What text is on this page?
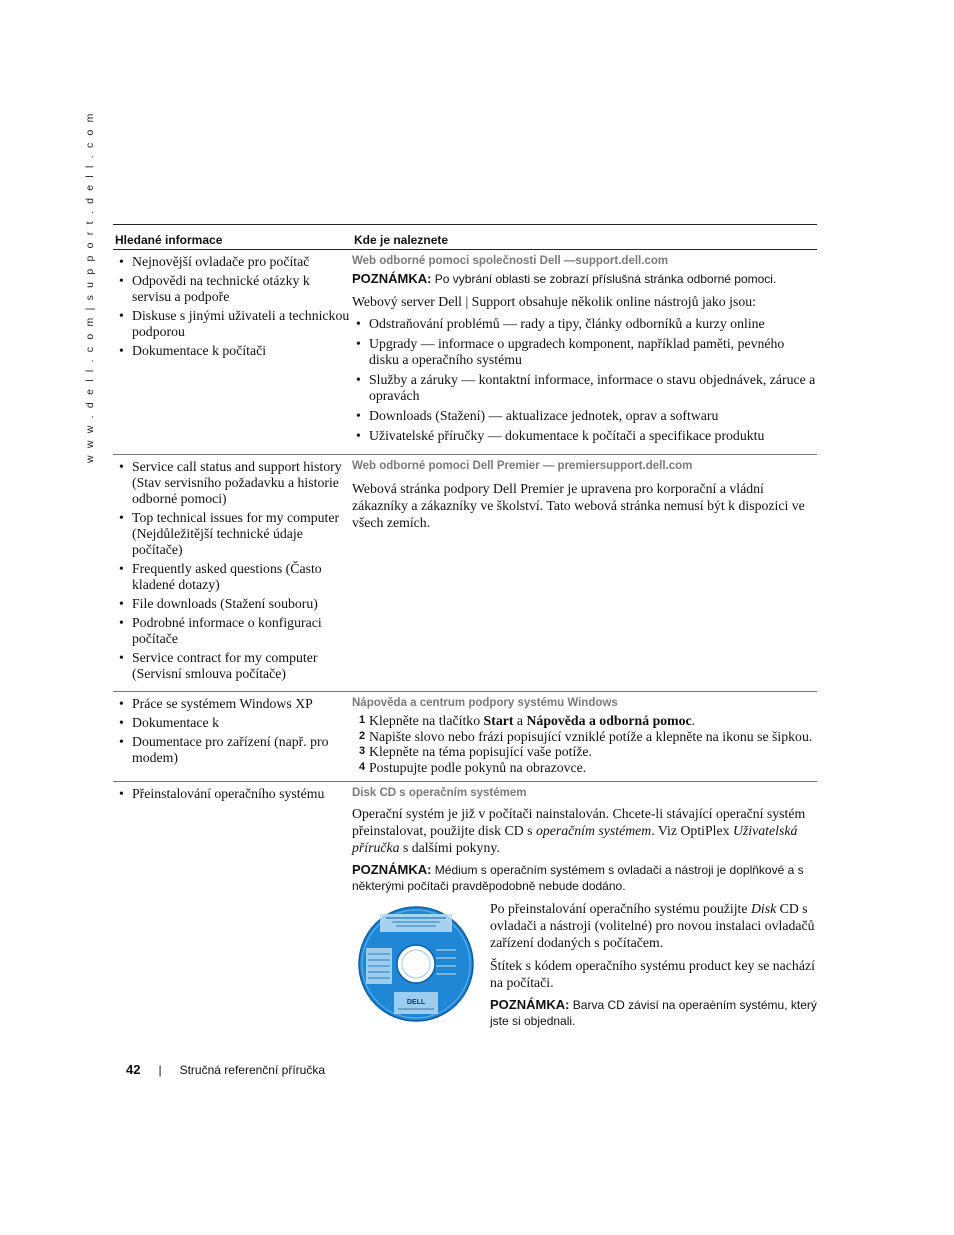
w w w . d e l l . c o m | s u p p o r t . d e l l . c o m Hledané informace	Kde je naleznete
• Nejnovější ovladače pro počítač
• Odpovědi na technické otázky k servisu a podpoře
• Diskuse s jinými uživateli a technickou podporou
• Dokumentace k počítači
Web odborné pomoci společnosti Dell —support.dell.com
POZNÁMKA: Po vybrání oblasti se zobrazí příslušná stránka odborné pomoci.
Webový server Dell | Support obsahuje několik online nástrojů jako jsou:
• Odstraňování problémů — rady a tipy, články odborníků a kurzy online
• Upgrady — informace o upgradech komponent, například paměti, pevného disku a operačního systému
• Služby a záruky — kontaktní informace, informace o stavu objednávek, záruce a opravách
• Downloads (Stažení) — aktualizace jednotek, oprav a softwaru
• Uživatelské příručky — dokumentace k počítači a specifikace produktu
• Service call status and support history (Stav servisního požadavku a historie odborné pomoci)
• Top technical issues for my computer (Nejdůležitější technické údaje počítače)
• Frequently asked questions (Často kladené dotazy)
• File downloads (Stažení souboru)
• Podrobné informace o konfiguraci počítače
• Service contract for my computer (Servisní smlouva počítače)
Web odborné pomoci Dell Premier — premiersupport.dell.com
Webová stránka podpory Dell Premier je upravena pro korporační a vládní zákazníky a zákazníky ve školství. Tato webová stránka nemusí být k dispozici ve všech zemích.
• Práce se systémem Windows XP
• Dokumentace k
• Doumentace pro zařízení (např. pro modem)
Nápověda a centrum podpory systému Windows
1 Klepněte na tlačítko Start a Nápověda a odborná pomoc.
2 Napište slovo nebo frázi popisující vzniklé potíže a klepněte na ikonu se šipkou.
3 Klepněte na téma popisující vaše potíže.
4 Postupujte podle pokynů na obrazovce.
• Přeinstalování operačního systému	Disk CD s operačním systémem
Operační systém je již v počítači nainstalován. Chcete-li stávající operační systém přeinstalovat, použijte disk CD s operačním systémem. Viz OptiPlex Uživatelská příručka s dalšími pokyny.
POZNÁMKA: Médium s operačním systémem s ovladači a nástroji je doplňkové a s některými počítači pravděpodobně nebude dodáno.
DELL
Po přeinstalování operačního systému použijte Disk CD s ovladači a nástroji (volitelné) pro novou instalaci ovladačů zařízení dodaných s počítačem.
Štítek s kódem operačního systému product key se nachází na počítači.
POZNÁMKA: Barva CD závisí na operaèním systému, který jste si objednali.
42 | Stručná referenční příručka
